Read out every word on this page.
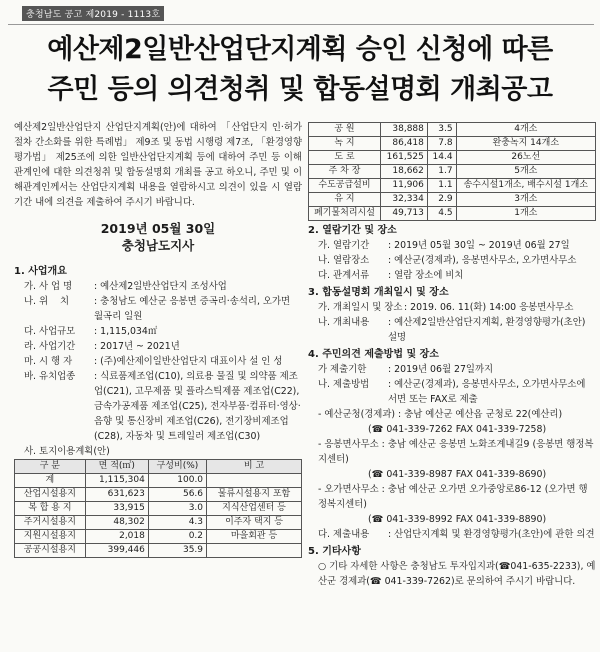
충청남도 공고 제2019 - 1113호
예산제2일반산업단지계획 승인 신청에 따른
주민 등의 의견청취 및 합동설명회 개최공고

예산제2일반산업단지 산업단지계획(안)에 대하여 「산업단지 인·허가 절차 간소화를 위한 특례법」 제9조 및 동법 시행령 제7조, 「환경영향평가법」 제25조에 의한 일반산업단지계획 등에 대하여 주민 등 이해관계인에 대한 의견청취 및 합동설명회 개최를 공고 하오니, 주민 및 이해관계인께서는 산업단지계획 내용을 열람하시고 의견이 있을 시 열람기간 내에 의견을 제출하여 주시기 바랍니다.

2019년 05월 30일
충청남도지사
1. 사업개요
가. 사 업 명	: 예산제2일반산업단지 조성사업
나. 위    치	: 충청남도 예산군 응봉면 증곡리·송석리, 오가면 월곡리 일원
다. 사업규모	: 1,115,034㎡
라. 사업기간	: 2017년 ~ 2021년
마. 시 행 자	: (주)예산제이일반산업단지 대표이사 설 인 성
바. 유치업종	: 식료품제조업(C10), 의료용 물질 및 의약품 제조업(C21), 고무제품 및 플라스틱제품 제조업(C22), 금속가공제품 제조업(C25), 전자부품·컴퓨터·영상·음향 및 통신장비 제조업(C26), 전기장비제조업(C28), 자동차 및 트레일러 제조업(C30)
사. 토지이용계획(안)
구 분	면 적(㎡)	구성비(%)	비 고
계	1,115,304	100.0	
산업시설용지	631,623	56.6	물류시설용지 포함
복 합 용 지	33,915	3.0	지식산업센터 등
주거시설용지	48,302	4.3	이주자 택지 등
지원시설용지	2,018	0.2	마을회관 등
공공시설용지	399,446	35.9	
공 원	38,888	3.5	4개소
녹 지	86,418	7.8	완충녹지 14개소
도 로	161,525	14.4	26노선
주 차 장	18,662	1.7	5개소
수도공급설비	11,906	1.1	송수시설1개소, 배수시설 1개소
유 지	32,334	2.9	3개소
폐기물처리시설	49,713	4.5	1개소
2. 열람기간 및 장소
가. 열람기간	: 2019년 05월 30일 ~ 2019년 06월 27일
나. 열람장소	: 예산군(경제과), 응봉면사무소, 오가면사무소
다. 관계서류	: 열람 장소에 비치
3. 합동설명회 개최일시 및 장소
가. 개최일시 및 장소 : 2019. 06. 11(화) 14:00 응봉면사무소
나. 개최내용	: 예산제2일반산업단지계획, 환경영향평가(초안) 설명
4. 주민의견 제출방법 및 장소
가 제출기한	: 2019년 06월 27일까지
나. 제출방법	: 예산군(경제과), 응봉면사무소, 오가면사무소에 서면 또는 FAX로 제출
- 예산군청(경제과) : 충남 예산군 예산읍 군청로 22(예산리)
(☎ 041-339-7262 FAX 041-339-7258)
- 응봉면사무소 : 충남 예산군 응봉면 노화조계내길9 (응봉면 행정복지센터)
(☎ 041-339-8987 FAX 041-339-8690)
- 오가면사무소 : 충남 예산군 오가면 오가중앙로86-12 (오가면 행정복지센터)
(☎ 041-339-8992 FAX 041-339-8890)
다. 제출내용	: 산업단지계획 및 환경영향평가(초안)에 관한 의견
5. 기타사항
○ 기타 자세한 사항은 충청남도 투자입지과(☎041-635-2233), 예산군 경제과(☎ 041-339-7262)로 문의하여 주시기 바랍니다.
